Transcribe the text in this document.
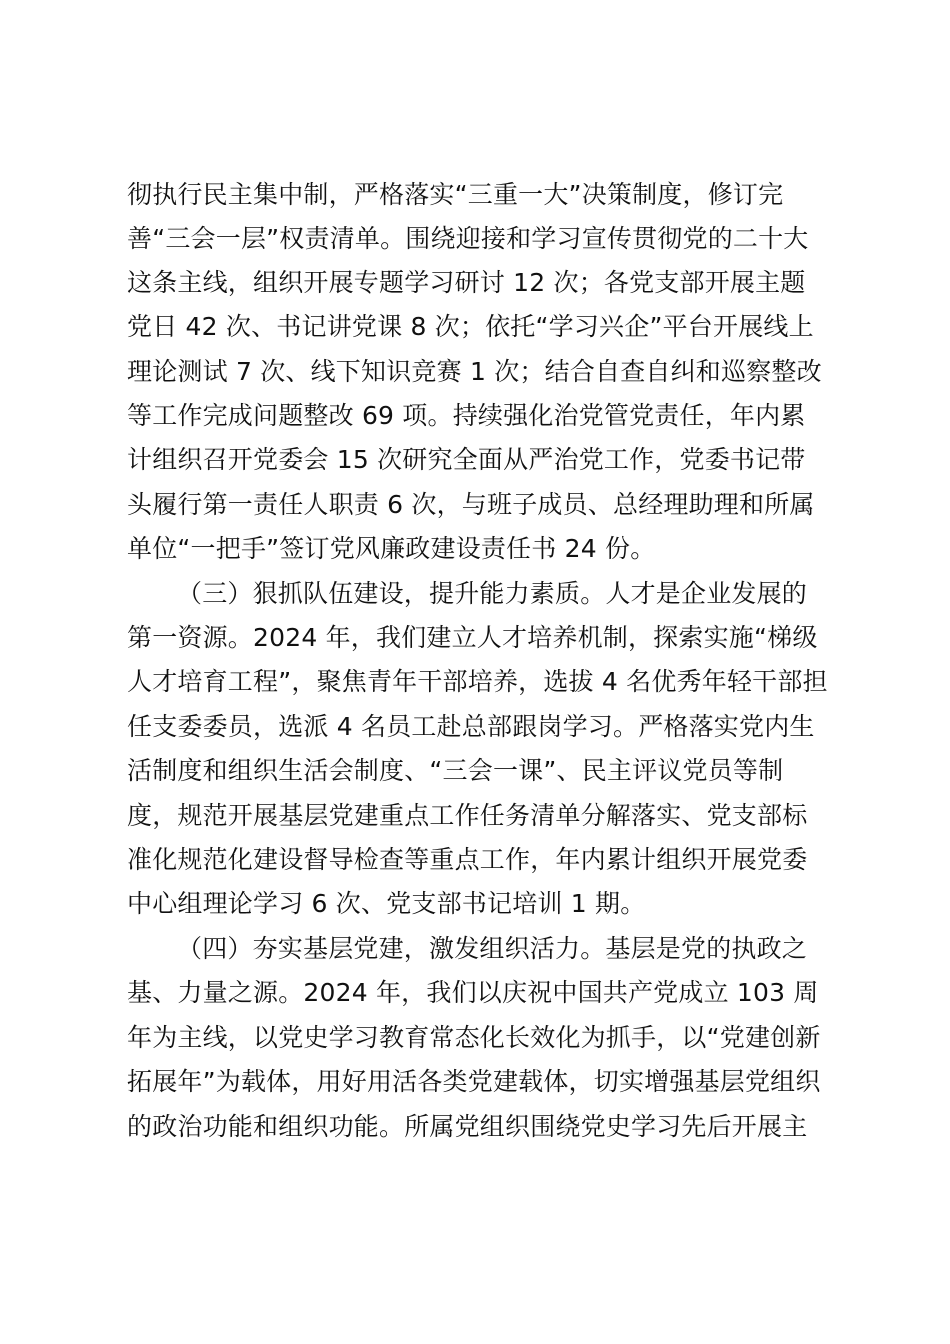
彻执行民主集中制，严格落实“三重一大”决策制度，修订完
善“三会一层”权责清单。围绕迎接和学习宣传贯彻党的二十大
这条主线，组织开展专题学习研讨 12 次；各党支部开展主题
党日 42 次、书记讲党课 8 次；依托“学习兴企”平台开展线上
理论测试 7 次、线下知识竞赛 1 次；结合自查自纠和巡察整改
等工作完成问题整改 69 项。持续强化治党管党责任，年内累
计组织召开党委会 15 次研究全面从严治党工作，党委书记带
头履行第一责任人职责 6 次，与班子成员、总经理助理和所属
单位“一把手”签订党风廉政建设责任书 24 份。
（三）狠抓队伍建设，提升能力素质。人才是企业发展的
第一资源。2024 年，我们建立人才培养机制，探索实施“梯级
人才培育工程”，聚焦青年干部培养，选拔 4 名优秀年轻干部担
任支委委员，选派 4 名员工赴总部跟岗学习。严格落实党内生
活制度和组织生活会制度、“三会一课”、民主评议党员等制
度，规范开展基层党建重点工作任务清单分解落实、党支部标
准化规范化建设督导检查等重点工作，年内累计组织开展党委
中心组理论学习 6 次、党支部书记培训 1 期。
（四）夯实基层党建，激发组织活力。基层是党的执政之
基、力量之源。2024 年，我们以庆祝中国共产党成立 103 周
年为主线，以党史学习教育常态化长效化为抓手，以“党建创新
拓展年”为载体，用好用活各类党建载体，切实增强基层党组织
的政治功能和组织功能。所属党组织围绕党史学习先后开展主
